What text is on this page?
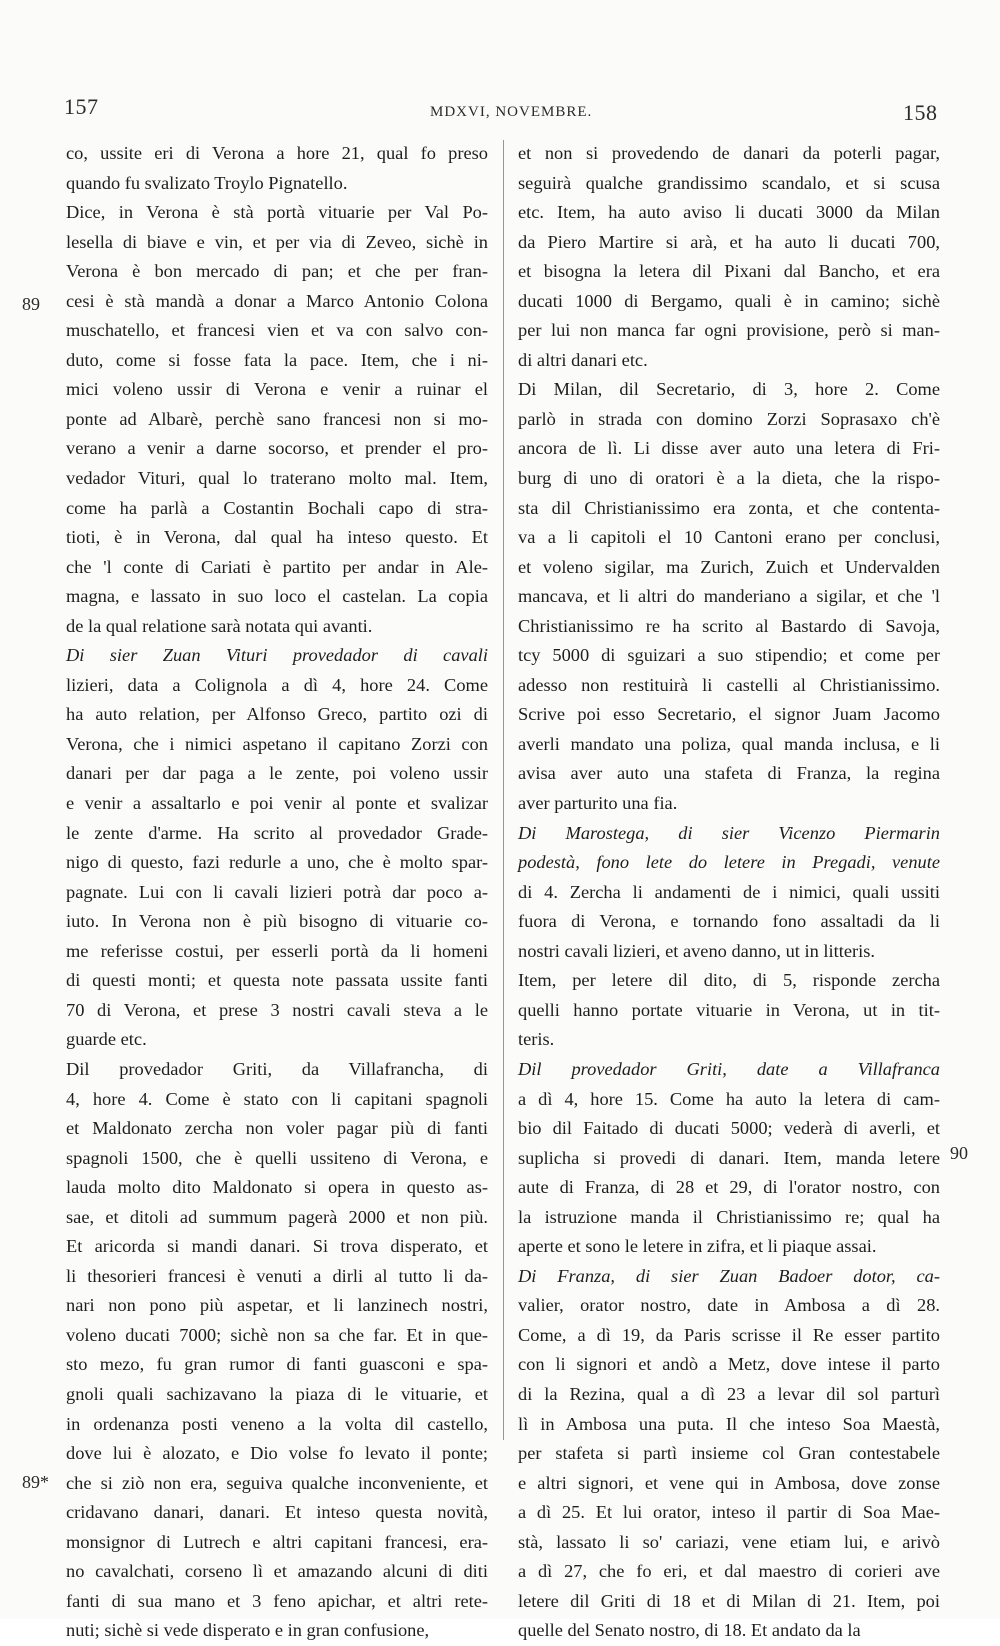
157	MDXVI, NOVEMBRE.	158
89
89*
90
co, ussite eri di Verona a hore 21, qual fo preso
quando fu svalizato Troylo Pignatello.
Dice, in Verona è stà portà vituarie per Val Po-
lesella di biave e vin, et per via di Zeveo, sichè in
Verona è bon mercado di pan; et che per fran-
cesi è stà mandà a donar a Marco Antonio Colona
muschatello, et francesi vien et va con salvo con-
duto, come si fosse fata la pace. Item, che i ni-
mici voleno ussir di Verona e venir a ruinar el
ponte ad Albarè, perchè sano francesi non si mo-
verano a venir a darne socorso, et prender el pro-
vedador Vituri, qual lo traterano molto mal. Item,
come ha parlà a Costantin Bochali capo di stra-
tioti, è in Verona, dal qual ha inteso questo. Et
che 'l conte di Cariati è partito per andar in Ale-
magna, e lassato in suo loco el castelan. La copia
de la qual relatione sarà notata qui avanti.
Di sier Zuan Vituri provedador di cavali
lizieri, data a Colignola a dì 4, hore 24. Come
ha auto relation, per Alfonso Greco, partito ozi di
Verona, che i nimici aspetano il capitano Zorzi con
danari per dar paga a le zente, poi voleno ussir
e venir a assaltarlo e poi venir al ponte et svalizar
le zente d'arme. Ha scrito al provedador Grade-
nigo di questo, fazi redurle a uno, che è molto spar-
pagnate. Lui con li cavali lizieri potrà dar poco a-
iuto. In Verona non è più bisogno di vituarie co-
me referisse costui, per esserli portà da li homeni
di questi monti; et questa note passata ussite fanti
70 di Verona, et prese 3 nostri cavali steva a le
guarde etc.
Dil provedador Griti, da Villafrancha, di
4, hore 4. Come è stato con li capitani spagnoli
et Maldonato zercha non voler pagar più di fanti
spagnoli 1500, che è quelli ussiteno di Verona, e
lauda molto dito Maldonato si opera in questo as-
sae, et ditoli ad summum pagerà 2000 et non più.
Et aricorda si mandi danari. Si trova disperato, et
li thesorieri francesi è venuti a dirli al tutto li da-
nari non pono più aspetar, et li lanzinech nostri,
voleno ducati 7000; sichè non sa che far. Et in que-
sto mezo, fu gran rumor di fanti guasconi e spa-
gnoli quali sachizavano la piaza di le vituarie, et
in ordenanza posti veneno a la volta dil castello,
dove lui è alozato, e Dio volse fo levato il ponte;
che si ziò non era, seguiva qualche inconveniente, et
cridavano danari, danari. Et inteso questa novità,
monsignor di Lutrech e altri capitani francesi, era-
no cavalchati, corseno lì et amazando alcuni di diti
fanti di sua mano et 3 feno apichar, et altri rete-
nuti; sichè si vede disperato e in gran confusione,
et non si provedendo de danari da poterli pagar,
seguirà qualche grandissimo scandalo, et si scusa
etc. Item, ha auto aviso li ducati 3000 da Milan
da Piero Martire si arà, et ha auto li ducati 700,
et bisogna la letera dil Pixani dal Bancho, et era
ducati 1000 di Bergamo, quali è in camino; sichè
per lui non manca far ogni provisione, però si man-
di altri danari etc.
Di Milan, dil Secretario, di 3, hore 2. Come
parlò in strada con domino Zorzi Soprasaxo ch'è
ancora de lì. Li disse aver auto una letera di Fri-
burg di uno di oratori è a la dieta, che la rispo-
sta dil Christianissimo era zonta, et che contenta-
va a li capitoli el 10 Cantoni erano per conclusi,
et voleno sigilar, ma Zurich, Zuich et Undervalden
mancava, et li altri do manderiano a sigilar, et che 'l
Christianissimo re ha scrito al Bastardo di Savoja,
tcy 5000 di sguizari a suo stipendio; et come per
adesso non restituirà li castelli al Christianissimo.
Scrive poi esso Secretario, el signor Juam Jacomo
averli mandato una poliza, qual manda inclusa, e li
avisa aver auto una stafeta di Franza, la regina
aver parturito una fia.
Di Marostega, di sier Vicenzo Piermarin
podestà, fono lete do letere in Pregadi, venute
di 4. Zercha li andamenti de i nimici, quali ussiti
fuora di Verona, e tornando fono assaltadi da li
nostri cavali lizieri, et aveno danno, ut in litteris.
Item, per letere dil dito, di 5, risponde zercha
quelli hanno portate vituarie in Verona, ut in tit-
teris.
Dil provedador Griti, date a Villafranca
a dì 4, hore 15. Come ha auto la letera di cam-
bio dil Faitado di ducati 5000; vederà di averli, et
suplicha si provedi di danari. Item, manda letere
aute di Franza, di 28 et 29, di l'orator nostro, con
la istruzione manda il Christianissimo re; qual ha
aperte et sono le letere in zifra, et li piaque assai.
Di Franza, di sier Zuan Badoer dotor, ca-
valier, orator nostro, date in Ambosa a dì 28.
Come, a dì 19, da Paris scrisse il Re esser partito
con li signori et andò a Metz, dove intese il parto
di la Rezina, qual a dì 23 a levar dil sol parturì
lì in Ambosa una puta. Il che inteso Soa Maestà,
per stafeta si partì insieme col Gran contestabele
e altri signori, et vene qui in Ambosa, dove zonse
a dì 25. Et lui orator, inteso il partir di Soa Mae-
stà, lassato li so' cariazi, vene etiam lui, e arivò
a dì 27, che fo eri, et dal maestro di corieri ave
letere dil Griti di 18 et di Milan di 21. Item, poi
quelle del Senato nostro, di 18. Et andato da la
